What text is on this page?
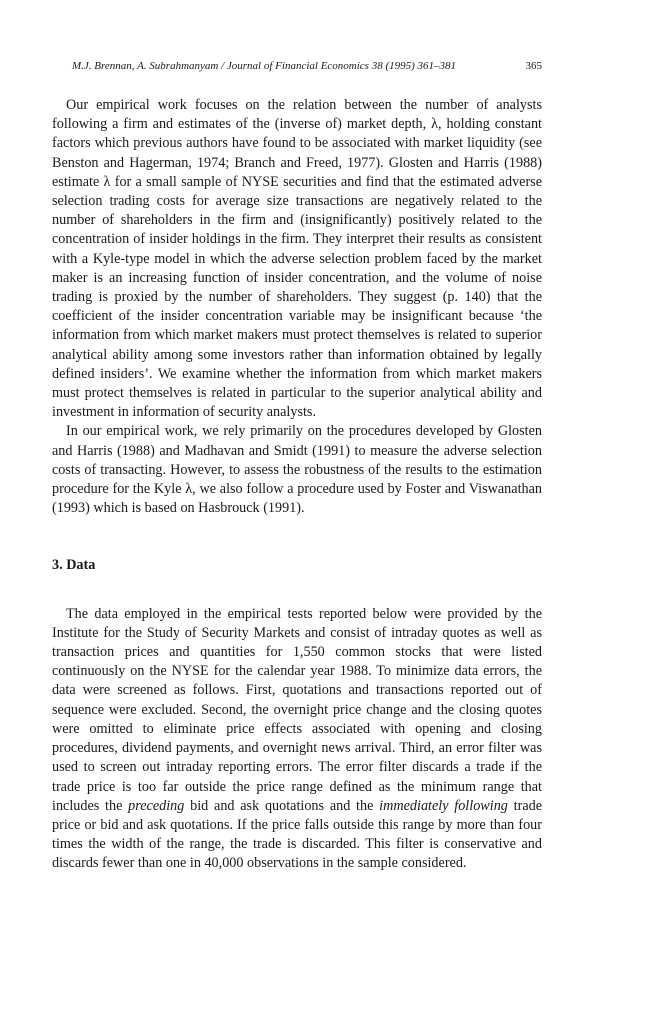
M.J. Brennan, A. Subrahmanyam / Journal of Financial Economics 38 (1995) 361–381	365

Our empirical work focuses on the relation between the number of analysts following a firm and estimates of the (inverse of) market depth, λ, holding constant factors which previous authors have found to be associated with market liquidity (see Benston and Hagerman, 1974; Branch and Freed, 1977). Glosten and Harris (1988) estimate λ for a small sample of NYSE securities and find that the estimated adverse selection trading costs for average size transactions are negatively related to the number of shareholders in the firm and (insignificantly) positively related to the concentration of insider holdings in the firm. They interpret their results as consistent with a Kyle-type model in which the adverse selection problem faced by the market maker is an increasing function of insider concentration, and the volume of noise trading is proxied by the number of shareholders. They suggest (p. 140) that the coefficient of the insider concentration variable may be insignificant because ‘the information from which market makers must protect themselves is related to superior analytical ability among some investors rather than information obtained by legally defined insiders’. We examine whether the information from which market makers must protect themselves is related in particular to the superior analytical ability and investment in information of security analysts.

In our empirical work, we rely primarily on the procedures developed by Glosten and Harris (1988) and Madhavan and Smidt (1991) to measure the adverse selection costs of transacting. However, to assess the robustness of the results to the estimation procedure for the Kyle λ, we also follow a procedure used by Foster and Viswanathan (1993) which is based on Hasbrouck (1991).

3. Data

The data employed in the empirical tests reported below were provided by the Institute for the Study of Security Markets and consist of intraday quotes as well as transaction prices and quantities for 1,550 common stocks that were listed continuously on the NYSE for the calendar year 1988. To minimize data errors, the data were screened as follows. First, quotations and transactions reported out of sequence were excluded. Second, the overnight price change and the closing quotes were omitted to eliminate price effects associated with opening and closing procedures, dividend payments, and overnight news arrival. Third, an error filter was used to screen out intraday reporting errors. The error filter discards a trade if the trade price is too far outside the price range defined as the minimum range that includes the preceding bid and ask quotations and the immediately following trade price or bid and ask quotations. If the price falls outside this range by more than four times the width of the range, the trade is discarded. This filter is conservative and discards fewer than one in 40,000 observations in the sample considered.
